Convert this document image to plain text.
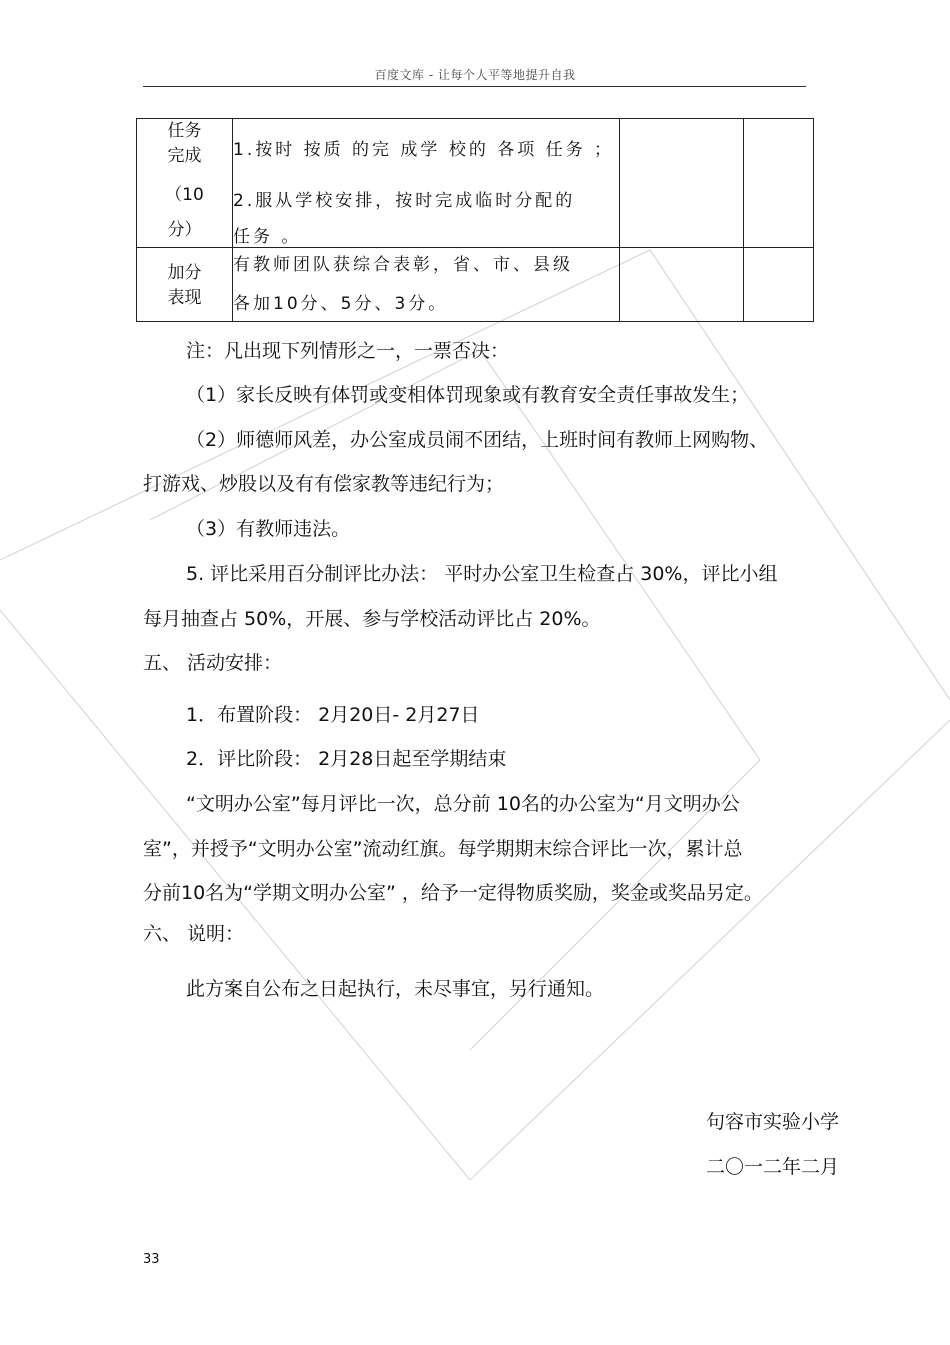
百度文库 - 让每个人平等地提升自我
任务
完成
（10
分）	1.按时 按质 的完 成学 校的 各项 任务 ；
2.服从学校安排，按时完成临时分配的
任务 。		

加分
表现	有教师团队获综合表彰，省、市、县级
各加10分、5分、3分。		

注：凡出现下列情形之一，一票否决：
（1）家长反映有体罚或变相体罚现象或有教育安全责任事故发生；
（2）师德师风差，办公室成员闹不团结，上班时间有教师上网购物、
打游戏、炒股以及有有偿家教等违纪行为；
（3）有教师违法。
5. 评比采用百分制评比办法： 平时办公室卫生检查占 30%，评比小组
每月抽查占 50%，开展、参与学校活动评比占 20%。
五、 活动安排：
1．布置阶段： 2月20日- 2月27日
2．评比阶段： 2月28日起至学期结束
“文明办公室”每月评比一次，总分前 10名的办公室为“月文明办公
室”，并授予“文明办公室”流动红旗。每学期期末综合评比一次，累计总
分前10名为“学期文明办公室” ，给予一定得物质奖励，奖金或奖品另定。
六、 说明：
此方案自公布之日起执行，未尽事宜，另行通知。
句容市实验小学
二〇一二年二月
33
